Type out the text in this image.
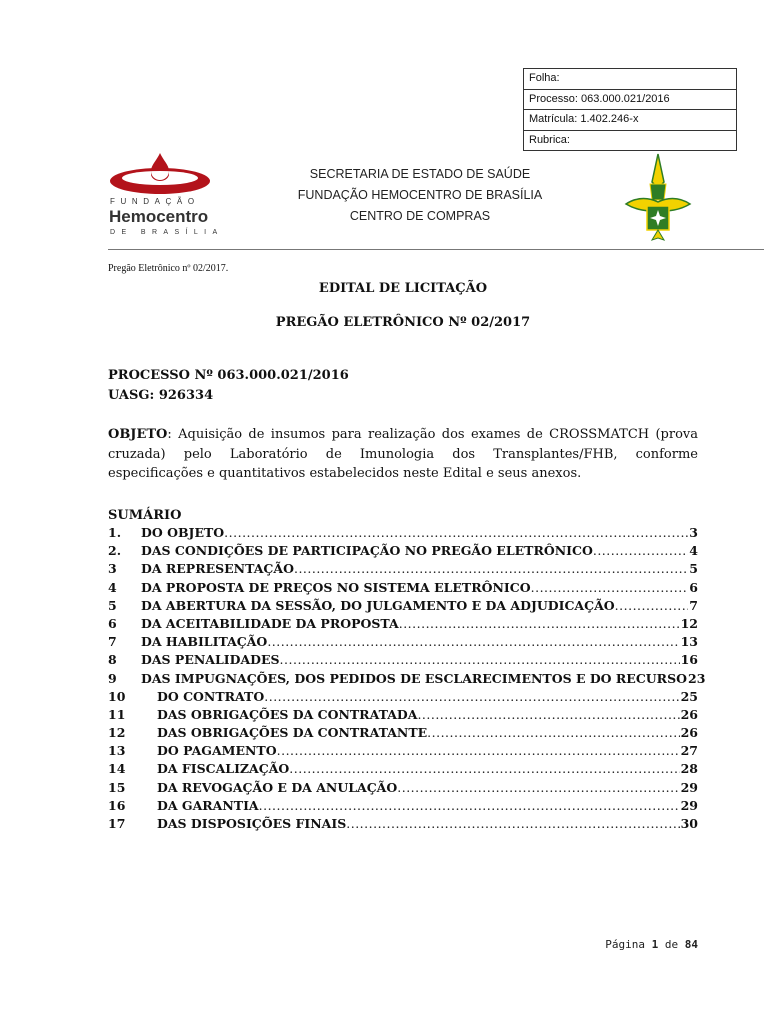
Folha:
Processo: 063.000.021/2016
Matrícula: 1.402.246-x
Rubrica:
FUNDAÇÃO
Hemocentro
DE BRASÍLIA
SECRETARIA DE ESTADO DE SAÚDE
FUNDAÇÃO HEMOCENTRO DE BRASÍLIA
CENTRO DE COMPRAS
Pregão Eletrônico nº 02/2017.
EDITAL DE LICITAÇÃO
PREGÃO ELETRÔNICO Nº 02/2017
PROCESSO Nº 063.000.021/2016
UASG: 926334
OBJETO: Aquisição de insumos para realização dos exames de CROSSMATCH (prova cruzada) pelo Laboratório de Imunologia dos Transplantes/FHB, conforme especificações e quantitativos estabelecidos neste Edital e seus anexos.
SUMÁRIO
1.	DO OBJETO .....	3
2.	DAS CONDIÇÕES DE PARTICIPAÇÃO NO PREGÃO ELETRÔNICO .....	4
3	DA REPRESENTAÇÃO .....	5
4	DA PROPOSTA DE PREÇOS NO SISTEMA ELETRÔNICO .....	6
5	DA ABERTURA DA SESSÃO, DO JULGAMENTO E DA ADJUDICAÇÃO .....	7
6	DA ACEITABILIDADE DA PROPOSTA .....	12
7	DA HABILITAÇÃO .....	13
8	DAS PENALIDADES .....	16
9	DAS IMPUGNAÇÕES, DOS PEDIDOS DE ESCLARECIMENTOS E DO RECURSO 23
10	DO CONTRATO .....	25
11	DAS OBRIGAÇÕES DA CONTRATADA .....	26
12	DAS OBRIGAÇÕES DA CONTRATANTE .....	26
13	DO PAGAMENTO .....	27
14	DA FISCALIZAÇÃO .....	28
15	DA REVOGAÇÃO E DA ANULAÇÃO .....	29
16	DA GARANTIA .....	29
17	DAS DISPOSIÇÕES FINAIS .....	30
Página 1 de 84
